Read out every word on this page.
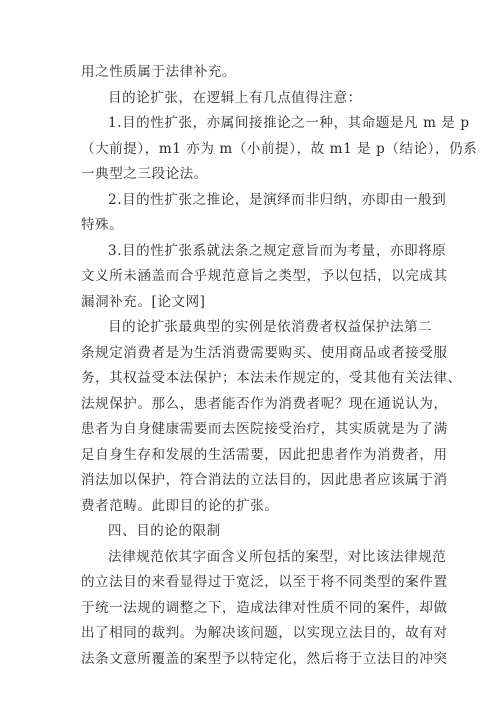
用之性质属于法律补充。
目的论扩张，在逻辑上有几点值得注意：
1.目的性扩张，亦属间接推论之一种，其命题是凡 m 是 p
（大前提），m1 亦为 m（小前提），故 m1 是 p（结论），仍系
一典型之三段论法。
2.目的性扩张之推论，是演绎而非归纳，亦即由一般到
特殊。
3.目的性扩张系就法条之规定意旨而为考量，亦即将原
文义所未涵盖而合乎规范意旨之类型，予以包括，以完成其
漏洞补充。[论文网]
目的论扩张最典型的实例是依消费者权益保护法第二
条规定消费者是为生活消费需要购买、使用商品或者接受服
务，其权益受本法保护；本法未作规定的，受其他有关法律、
法规保护。那么，患者能否作为消费者呢？现在通说认为，
患者为自身健康需要而去医院接受治疗，其实质就是为了满
足自身生存和发展的生活需要，因此把患者作为消费者，用
消法加以保护，符合消法的立法目的，因此患者应该属于消
费者范畴。此即目的论的扩张。
四、目的论的限制
法律规范依其字面含义所包括的案型，对比该法律规范
的立法目的来看显得过于宽泛，以至于将不同类型的案件置
于统一法规的调整之下，造成法律对性质不同的案件，却做
出了相同的裁判。为解决该问题，以实现立法目的，故有对
法条文意所覆盖的案型予以特定化，然后将于立法目的冲突
